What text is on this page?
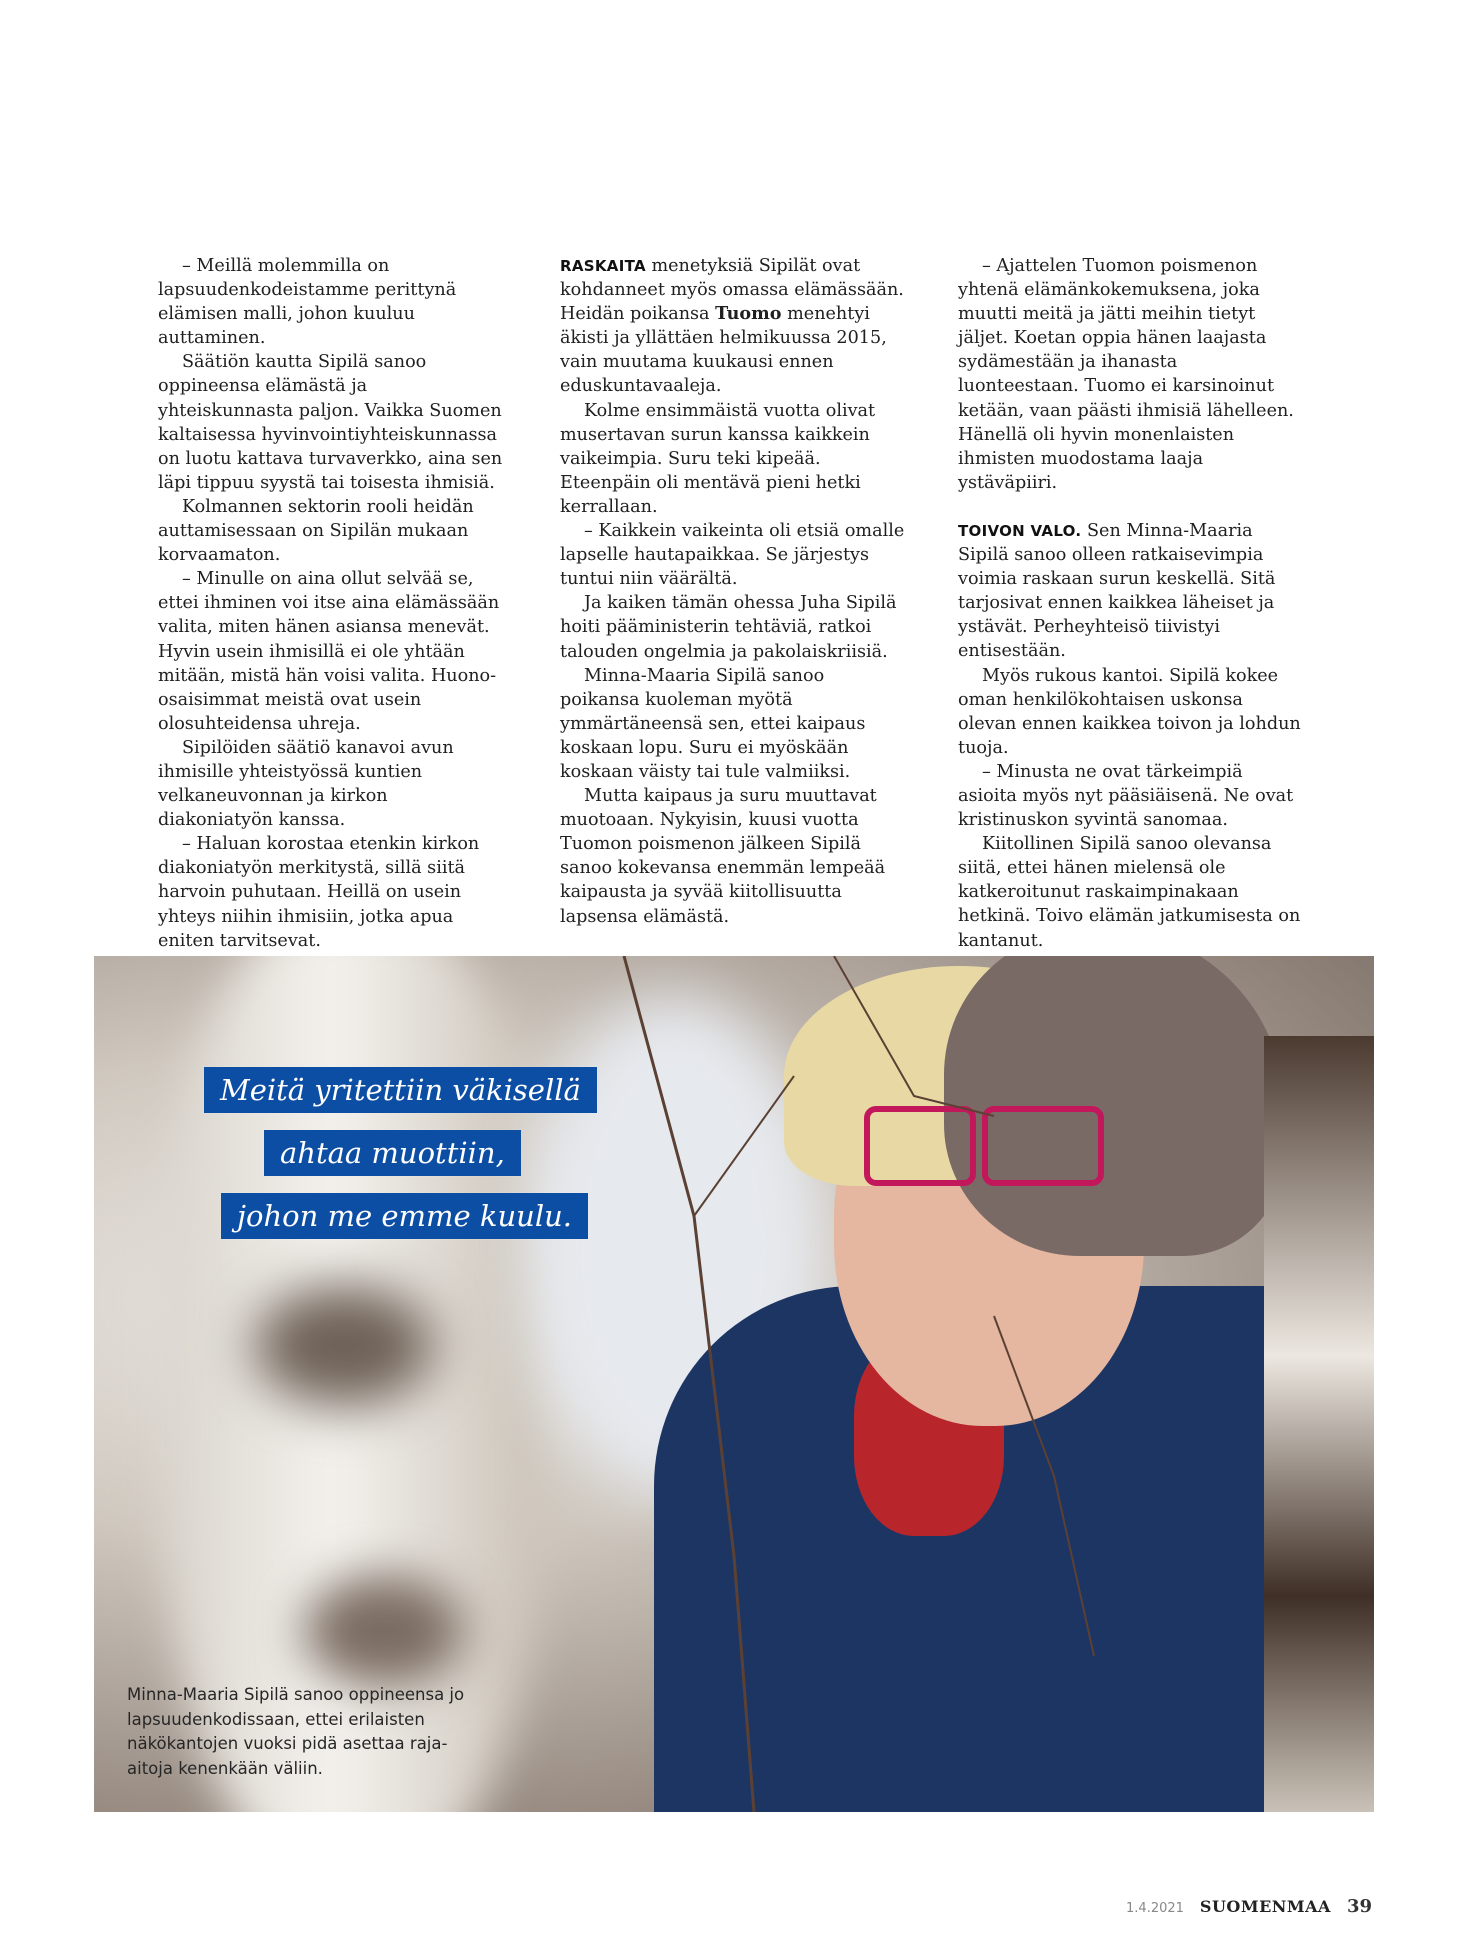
– Meillä molemmilla on lapsuudenkodeistamme perittynä elämisen malli, johon kuuluu auttaminen.

Säätiön kautta Sipilä sanoo oppineensa elämästä ja yhteiskunnasta paljon. Vaikka Suomen kaltaisessa hyvinvointiyhteiskunnassa on luotu kattava turvaverkko, aina sen läpi tippuu syystä tai toisesta ihmisiä.

Kolmannen sektorin rooli heidän auttamisessaan on Sipilän mukaan korvaamaton.

– Minulle on aina ollut selvää se, ettei ihminen voi itse aina elämässään valita, miten hänen asiansa menevät. Hyvin usein ihmisillä ei ole yhtään mitään, mistä hän voisi valita. Huono-osaisimmat meistä ovat usein olosuhteidensa uhreja.

Sipilöiden säätiö kanavoi avun ihmisille yhteistyössä kuntien velkaneuvonnan ja kirkon diakoniatyön kanssa.

– Haluan korostaa etenkin kirkon diakoniatyön merkitystä, sillä siitä harvoin puhutaan. Heillä on usein yhteys niihin ihmisiin, jotka apua eniten tarvitsevat.

RASKAITA menetyksiä Sipilät ovat kohdanneet myös omassa elämässään. Heidän poikansa Tuomo menehtyi äkisti ja yllättäen helmikuussa 2015, vain muutama kuukausi ennen eduskuntavaaleja.

Kolme ensimmäistä vuotta olivat musertavan surun kanssa kaikkein vaikeimpia. Suru teki kipeää. Eteenpäin oli mentävä pieni hetki kerrallaan.

– Kaikkein vaikeinta oli etsiä omalle lapselle hautapaikkaa. Se järjestys tuntui niin väärältä.

Ja kaiken tämän ohessa Juha Sipilä hoiti pääministerin tehtäviä, ratkoi talouden ongelmia ja pakolaiskriisiä.

Minna-Maaria Sipilä sanoo poikansa kuoleman myötä ymmärtäneensä sen, ettei kaipaus koskaan lopu. Suru ei myöskään koskaan väisty tai tule valmiiksi.

Mutta kaipaus ja suru muuttavat muotoaan. Nykyisin, kuusi vuotta Tuomon poismenon jälkeen Sipilä sanoo kokevansa enemmän lempeää kaipausta ja syvää kiitollisuutta lapsensa elämästä.

– Ajattelen Tuomon poismenon yhtenä elämänkokemuksena, joka muutti meitä ja jätti meihin tietyt jäljet. Koetan oppia hänen laajasta sydämestään ja ihanasta luonteestaan. Tuomo ei karsinoinut ketään, vaan päästi ihmisiä lähelleen. Hänellä oli hyvin monenlaisten ihmisten muodostama laaja ystäväpiiri.

TOIVON VALO. Sen Minna-Maaria Sipilä sanoo olleen ratkaisevimpia voimia raskaan surun keskellä. Sitä tarjosivat ennen kaikkea läheiset ja ystävät. Perheyhteisö tiivistyi entisestään.

Myös rukous kantoi. Sipilä kokee oman henkilökohtaisen uskonsa olevan ennen kaikkea toivon ja lohdun tuoja.

– Minusta ne ovat tärkeimpiä asioita myös nyt pääsiäisenä. Ne ovat kristinuskon syvintä sanomaa.

Kiitollinen Sipilä sanoo olevansa siitä, ettei hänen mielensä ole katkeroitunut raskaimpinakaan hetkinä. Toivo elämän jatkumisesta on kantanut.

Meitä yritettiin väkisellä
ahtaa muottiin,
johon me emme kuulu.
Minna-Maaria Sipilä sanoo oppineensa jo lapsuudenkodissaan, ettei erilaisten näkökantojen vuoksi pidä asettaa raja-aitoja kenenkään väliin.
1.4.2021 SUOMENMAA 39
